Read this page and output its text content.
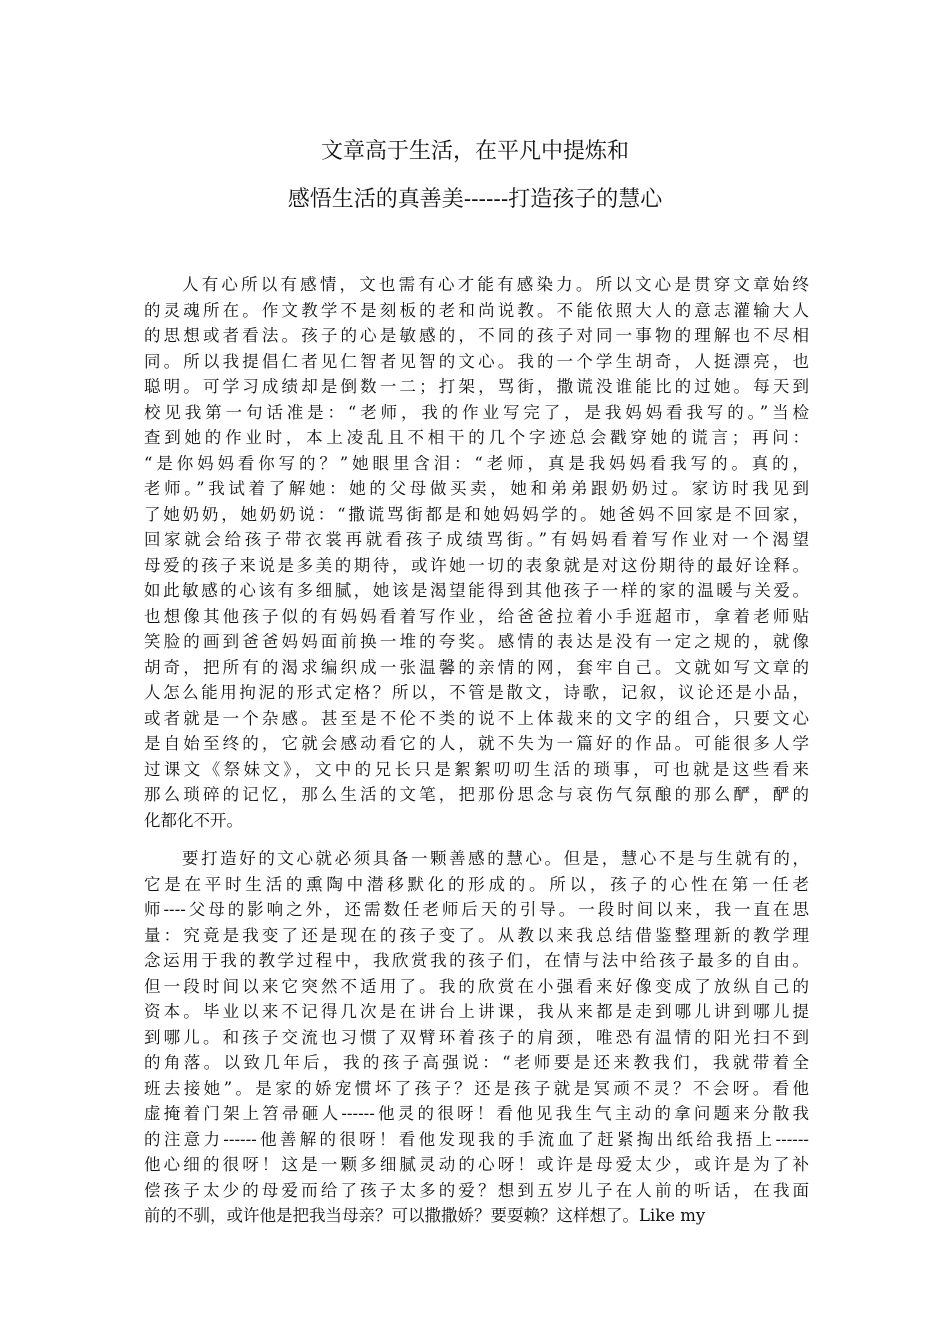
文章高于生活，在平凡中提炼和
感悟生活的真善美------打造孩子的慧心
人有心所以有感情，文也需有心才能有感染力。所以文心是贯穿文章始终
的灵魂所在。作文教学不是刻板的老和尚说教。不能依照大人的意志灌输大人
的思想或者看法。孩子的心是敏感的，不同的孩子对同一事物的理解也不尽相
同。所以我提倡仁者见仁智者见智的文心。我的一个学生胡奇，人挺漂亮，也
聪明。可学习成绩却是倒数一二；打架，骂街，撒谎没谁能比的过她。每天到
校见我第一句话准是：“老师，我的作业写完了，是我妈妈看我写的。”当检
查到她的作业时，本上凌乱且不相干的几个字迹总会戳穿她的谎言；再问：
“是你妈妈看你写的？”她眼里含泪：“老师，真是我妈妈看我写的。真的，
老师。”我试着了解她：她的父母做买卖，她和弟弟跟奶奶过。家访时我见到
了她奶奶，她奶奶说：“撒谎骂街都是和她妈妈学的。她爸妈不回家是不回家，
回家就会给孩子带衣裳再就看孩子成绩骂街。”有妈妈看着写作业对一个渴望
母爱的孩子来说是多美的期待，或许她一切的表象就是对这份期待的最好诠释。
如此敏感的心该有多细腻，她该是渴望能得到其他孩子一样的家的温暖与关爱。
也想像其他孩子似的有妈妈看着写作业，给爸爸拉着小手逛超市，拿着老师贴
笑脸的画到爸爸妈妈面前换一堆的夸奖。感情的表达是没有一定之规的，就像
胡奇，把所有的渴求编织成一张温馨的亲情的网，套牢自己。文就如写文章的
人怎么能用拘泥的形式定格？所以，不管是散文，诗歌，记叙，议论还是小品，
或者就是一个杂感。甚至是不伦不类的说不上体裁来的文字的组合，只要文心
是自始至终的，它就会感动看它的人，就不失为一篇好的作品。可能很多人学
过课文《祭妹文》，文中的兄长只是絮絮叨叨生活的琐事，可也就是这些看来
那么琐碎的记忆，那么生活的文笔，把那份思念与哀伤气氛酿的那么酽，酽的
化都化不开。
要打造好的文心就必须具备一颗善感的慧心。但是，慧心不是与生就有的，
它是在平时生活的熏陶中潜移默化的形成的。所以，孩子的心性在第一任老
师----父母的影响之外，还需数任老师后天的引导。一段时间以来，我一直在思
量：究竟是我变了还是现在的孩子变了。从教以来我总结借鉴整理新的教学理
念运用于我的教学过程中，我欣赏我的孩子们，在情与法中给孩子最多的自由。
但一段时间以来它突然不适用了。我的欣赏在小强看来好像变成了放纵自己的
资本。毕业以来不记得几次是在讲台上讲课，我从来都是走到哪儿讲到哪儿提
到哪儿。和孩子交流也习惯了双臂环着孩子的肩颈，唯恐有温情的阳光扫不到
的角落。以致几年后，我的孩子高强说：“老师要是还来教我们，我就带着全
班去接她”。是家的娇宠惯坏了孩子？还是孩子就是冥顽不灵？不会呀。看他
虚掩着门架上笤帚砸人------他灵的很呀！看他见我生气主动的拿问题来分散我
的注意力------他善解的很呀！看他发现我的手流血了赶紧掏出纸给我捂上------
他心细的很呀！这是一颗多细腻灵动的心呀！或许是母爱太少，或许是为了补
偿孩子太少的母爱而给了孩子太多的爱？想到五岁儿子在人前的听话，在我面
前的不驯，或许他是把我当母亲？可以撒撒娇？要耍赖？这样想了。Like my
